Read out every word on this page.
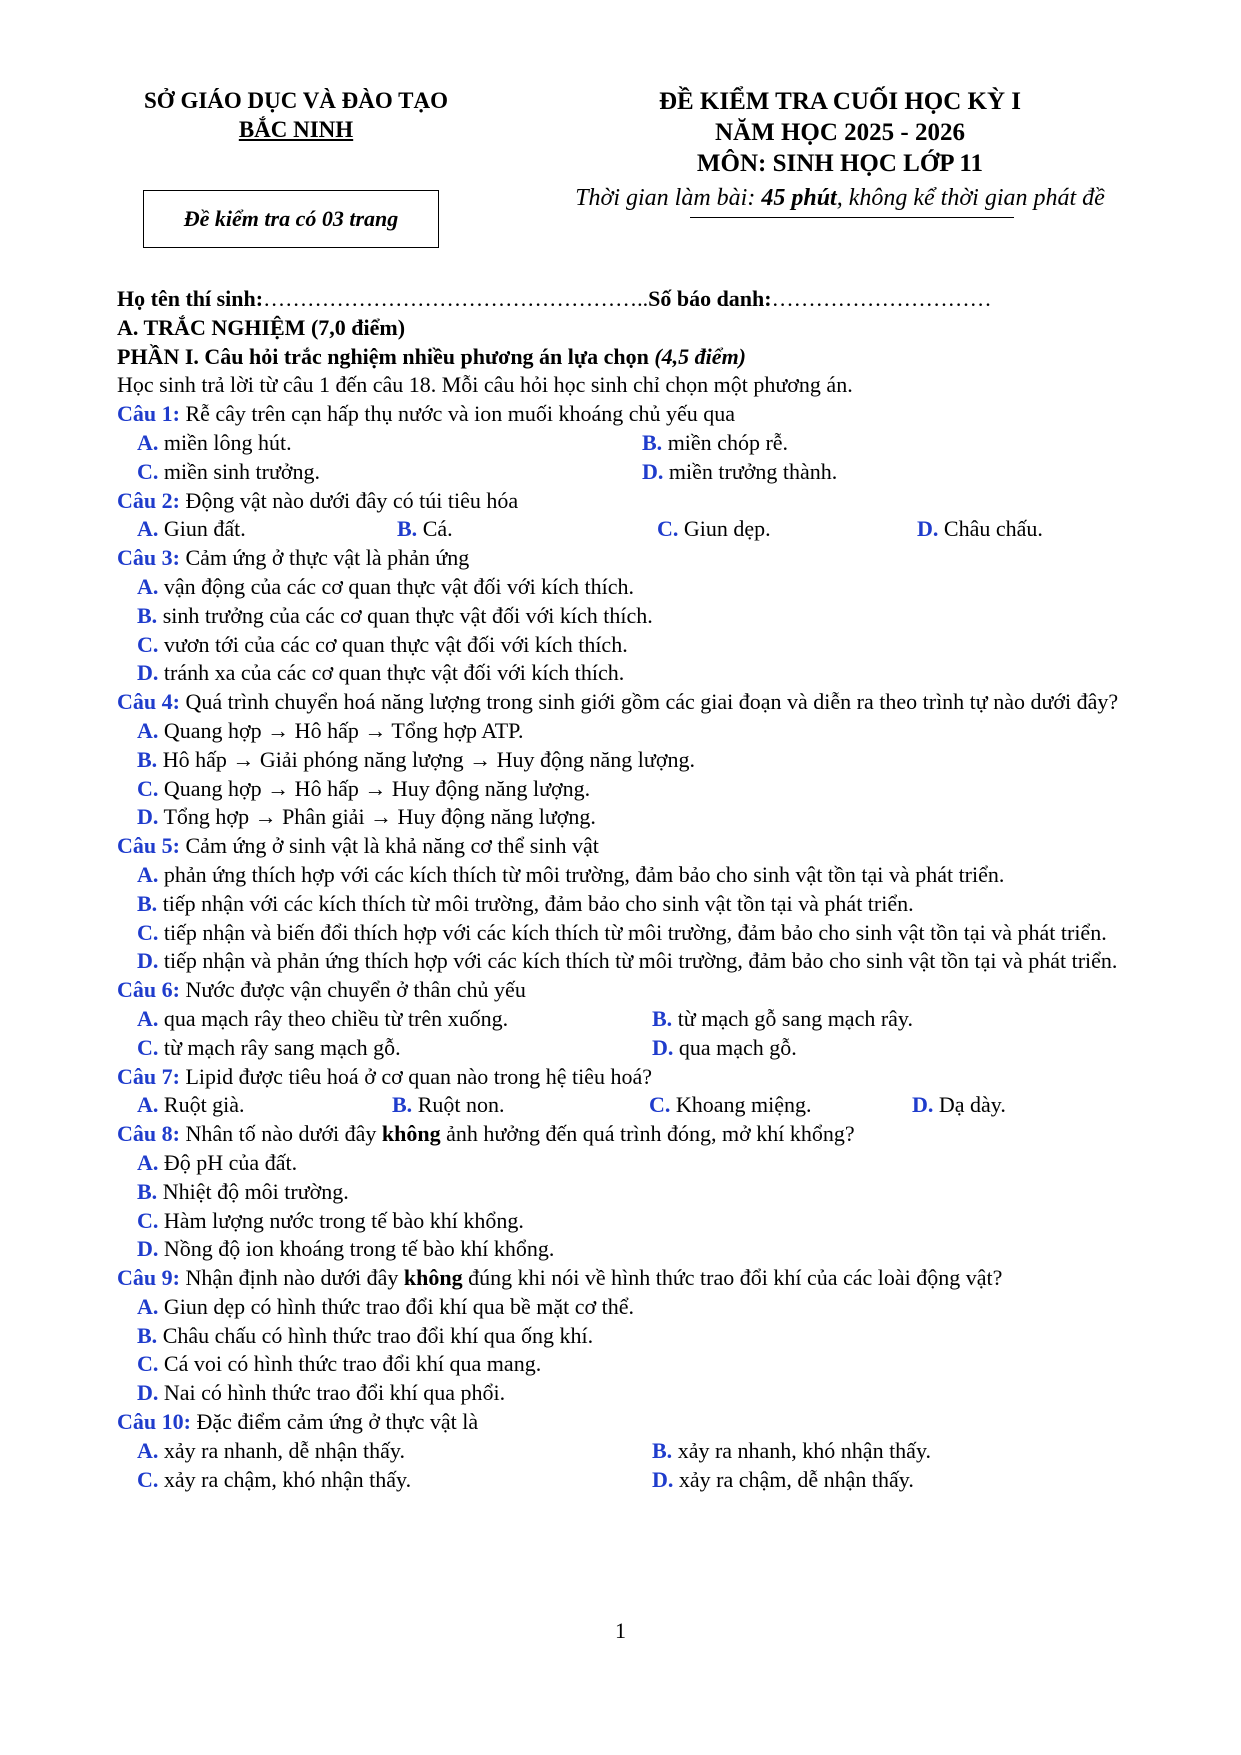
SỞ GIÁO DỤC VÀ ĐÀO TẠO
BẮC NINH
Đề kiểm tra có 03 trang
ĐỀ KIỂM TRA CUỐI HỌC KỲ I
NĂM HỌC 2025 - 2026
MÔN: SINH HỌC LỚP 11
Thời gian làm bài: 45 phút, không kể thời gian phát đề
Họ tên thí sinh:……………………………………………..Số báo danh:…………………………
A. TRẮC NGHIỆM (7,0 điểm)
PHẦN I. Câu hỏi trắc nghiệm nhiều phương án lựa chọn (4,5 điểm)
Học sinh trả lời từ câu 1 đến câu 18. Mỗi câu hỏi học sinh chỉ chọn một phương án.
Câu 1: Rễ cây trên cạn hấp thụ nước và ion muối khoáng chủ yếu qua
A. miền lông hút.	B. miền chóp rễ.
C. miền sinh trưởng.	D. miền trưởng thành.
Câu 2: Động vật nào dưới đây có túi tiêu hóa
A. Giun đất.	B. Cá.	C. Giun dẹp.	D. Châu chấu.
Câu 3: Cảm ứng ở thực vật là phản ứng
A. vận động của các cơ quan thực vật đối với kích thích.
B. sinh trưởng của các cơ quan thực vật đối với kích thích.
C. vươn tới của các cơ quan thực vật đối với kích thích.
D. tránh xa của các cơ quan thực vật đối với kích thích.
Câu 4: Quá trình chuyển hoá năng lượng trong sinh giới gồm các giai đoạn và diễn ra theo trình tự nào dưới đây?
A. Quang hợp → Hô hấp → Tổng hợp ATP.
B. Hô hấp → Giải phóng năng lượng → Huy động năng lượng.
C. Quang hợp → Hô hấp → Huy động năng lượng.
D. Tổng hợp → Phân giải → Huy động năng lượng.
Câu 5: Cảm ứng ở sinh vật là khả năng cơ thể sinh vật
A. phản ứng thích hợp với các kích thích từ môi trường, đảm bảo cho sinh vật tồn tại và phát triển.
B. tiếp nhận với các kích thích từ môi trường, đảm bảo cho sinh vật tồn tại và phát triển.
C. tiếp nhận và biến đổi thích hợp với các kích thích từ môi trường, đảm bảo cho sinh vật tồn tại và phát triển.
D. tiếp nhận và phản ứng thích hợp với các kích thích từ môi trường, đảm bảo cho sinh vật tồn tại và phát triển.
Câu 6: Nước được vận chuyển ở thân chủ yếu
A. qua mạch rây theo chiều từ trên xuống.	B. từ mạch gỗ sang mạch rây.
C. từ mạch rây sang mạch gỗ.	D. qua mạch gỗ.
Câu 7: Lipid được tiêu hoá ở cơ quan nào trong hệ tiêu hoá?
A. Ruột già.	B. Ruột non.	C. Khoang miệng.	D. Dạ dày.
Câu 8: Nhân tố nào dưới đây không ảnh hưởng đến quá trình đóng, mở khí khổng?
A. Độ pH của đất.
B. Nhiệt độ môi trường.
C. Hàm lượng nước trong tế bào khí khổng.
D. Nồng độ ion khoáng trong tế bào khí khổng.
Câu 9: Nhận định nào dưới đây không đúng khi nói về hình thức trao đổi khí của các loài động vật?
A. Giun dẹp có hình thức trao đổi khí qua bề mặt cơ thể.
B. Châu chấu có hình thức trao đổi khí qua ống khí.
C. Cá voi có hình thức trao đổi khí qua mang.
D. Nai có hình thức trao đổi khí qua phổi.
Câu 10: Đặc điểm cảm ứng ở thực vật là
A. xảy ra nhanh, dễ nhận thấy.	B. xảy ra nhanh, khó nhận thấy.
C. xảy ra chậm, khó nhận thấy.	D. xảy ra chậm, dễ nhận thấy.
1
